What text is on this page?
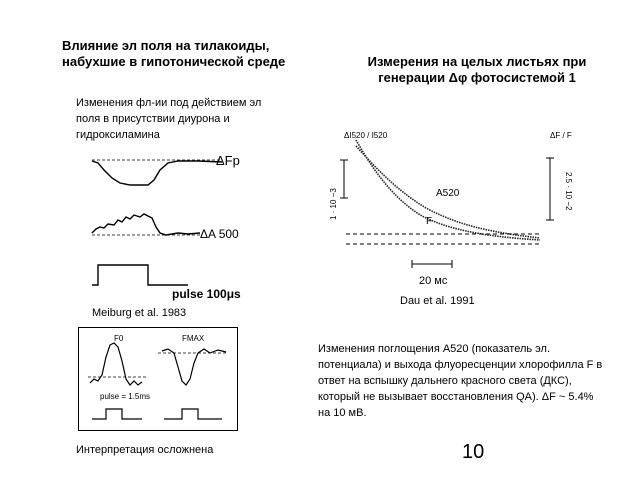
Влияние эл поля на тилакоиды, набухшие в гипотонической среде
Изменения фл-ии под действием эл поля в присутствии диурона и гидроксиламина
Измерения на целых листьях при генерации Δφ фотосистемой 1
ΔFp
ΔA 500
pulse 100μs
Meiburg et al. 1983
F0	FMAX
pulse = 1.5ms
Интерпретация осложнена
ΔI520 / I520
1 · 10 −3
ΔF / F
2.5 · 10 −2
A520
F
20 мс
Dau et al. 1991
Изменения поглощения A520 (показатель эл. потенциала) и выхода флуоресценции хлорофилла F в ответ на вспышку дальнего красного света (ДКС), который не вызывает восстановления QA). ΔF ~ 5.4% на 10 мВ.
10
